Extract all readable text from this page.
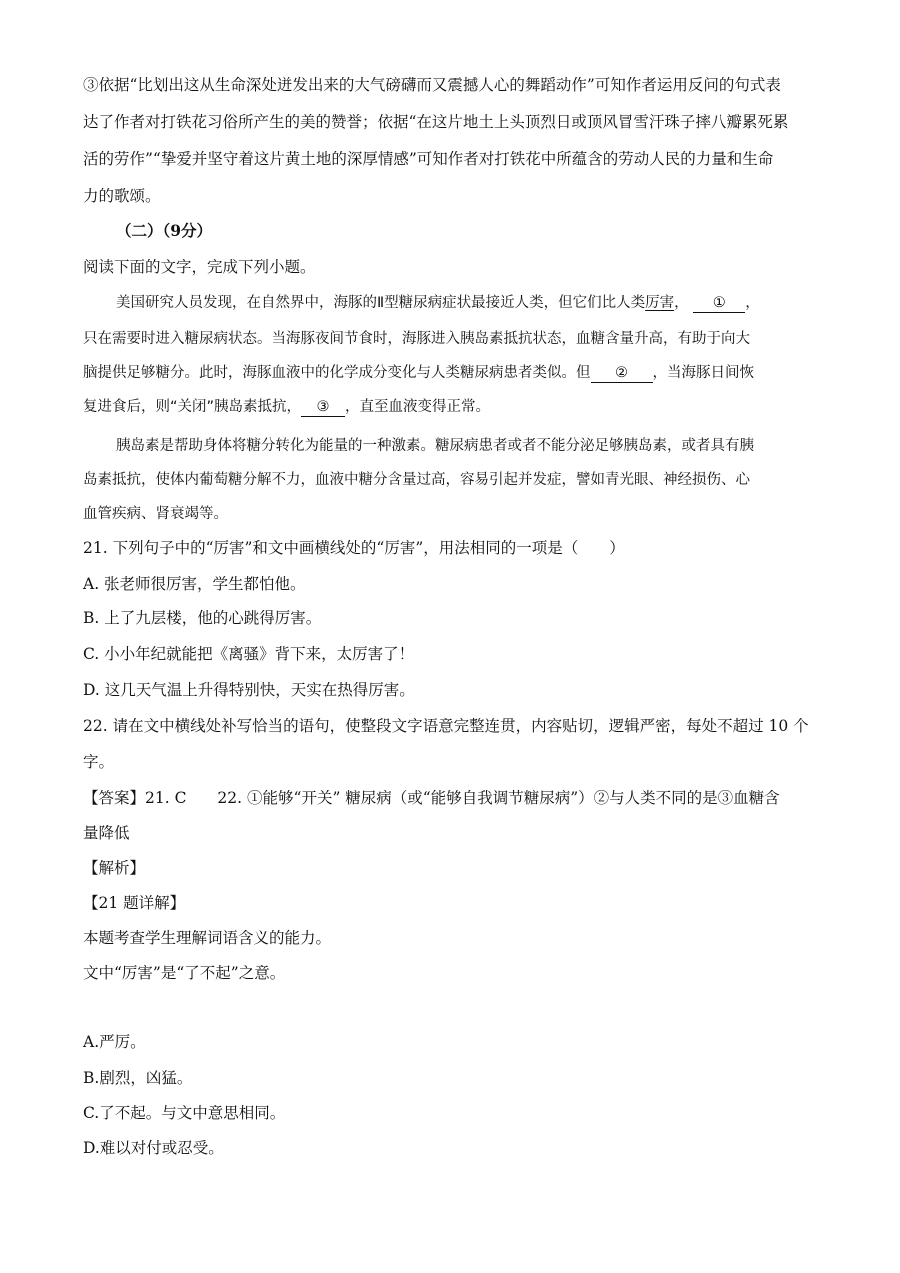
③依据“比划出这从生命深处迸发出来的大气磅礴而又震撼人心的舞蹈动作”可知作者运用反问的句式表
达了作者对打铁花习俗所产生的美的赞誉；依据“在这片地土上头顶烈日或顶风冒雪汗珠子摔八瓣累死累
活的劳作”“挚爱并坚守着这片黄土地的深厚情感”可知作者对打铁花中所蕴含的劳动人民的力量和生命
力的歌颂。
（二）（9分）
阅读下面的文字，完成下列小题。
美国研究人员发现，在自然界中，海豚的Ⅱ型糖尿病症状最接近人类，但它们比人类厉害， ① ，
只在需要时进入糖尿病状态。当海豚夜间节食时，海豚进入胰岛素抵抗状态，血糖含量升高，有助于向大
脑提供足够糖分。此时，海豚血液中的化学成分变化与人类糖尿病患者类似。但 ② ，当海豚日间恢
复进食后，则“关闭”胰岛素抵抗， ③ ，直至血液变得正常。
胰岛素是帮助身体将糖分转化为能量的一种激素。糖尿病患者或者不能分泌足够胰岛素，或者具有胰
岛素抵抗，使体内葡萄糖分解不力，血液中糖分含量过高，容易引起并发症，譬如青光眼、神经损伤、心
血管疾病、肾衰竭等。
21. 下列句子中的“厉害”和文中画横线处的“厉害”，用法相同的一项是（　　）
A. 张老师很厉害，学生都怕他。
B. 上了九层楼，他的心跳得厉害。
C. 小小年纪就能把《离骚》背下来，太厉害了！
D. 这几天气温上升得特别快，天实在热得厉害。
22. 请在文中横线处补写恰当的语句，使整段文字语意完整连贯，内容贴切，逻辑严密，每处不超过 10 个
字。
【答案】21. C　　22. ①能够“开关” 糖尿病（或“能够自我调节糖尿病”）②与人类不同的是③血糖含
量降低
【解析】
【21 题详解】
本题考查学生理解词语含义的能力。
文中“厉害”是“了不起”之意。
A.严厉。
B.剧烈，凶猛。
C.了不起。与文中意思相同。
D.难以对付或忍受。
